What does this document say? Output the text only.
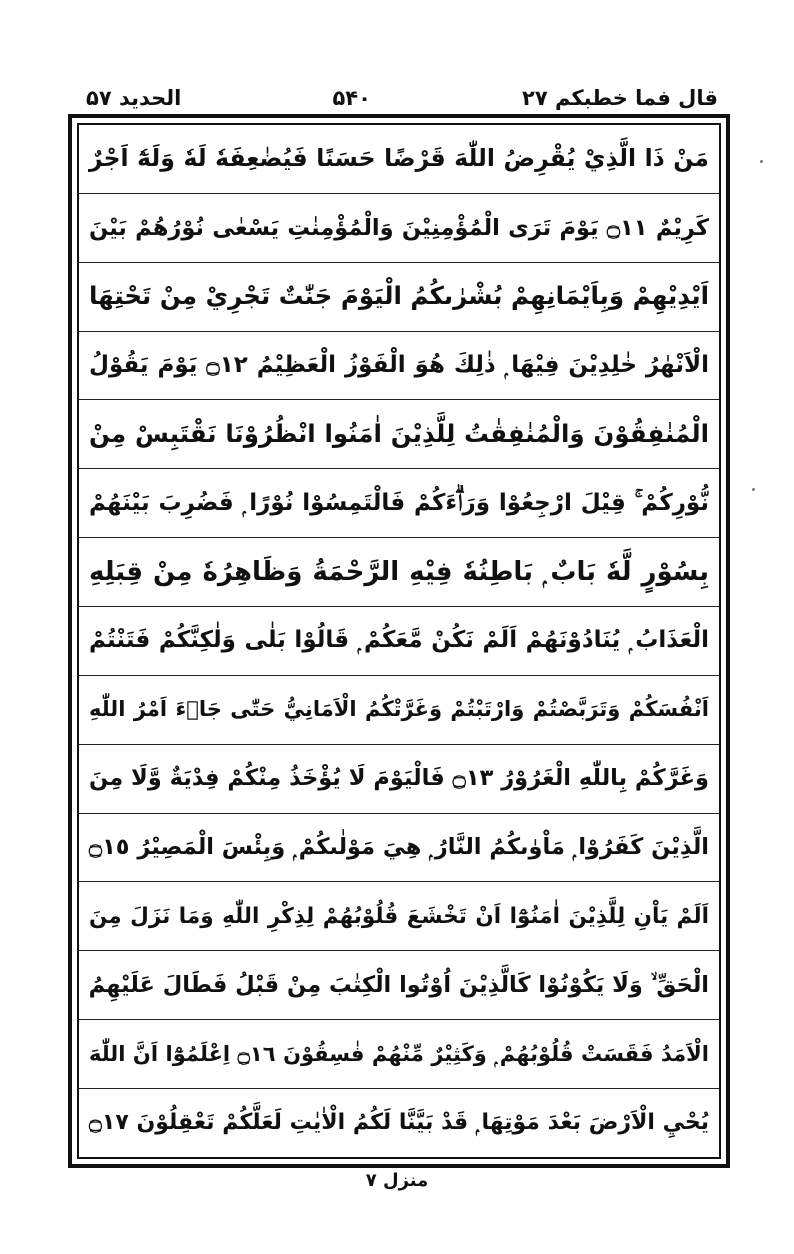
الحديد ۵۷	۵۴۰	قال فما خطبكم ۲۷
مَنْ ذَا الَّذِيْ يُقْرِضُ اللّٰهَ قَرْضًا حَسَنًا فَيُضٰعِفَهٗ لَهٗ وَلَهٗٓ اَجْرٌ
كَرِيْمٌ ۝١١ يَوْمَ تَرَى الْمُؤْمِنِيْنَ وَالْمُؤْمِنٰتِ يَسْعٰى نُوْرُهُمْ بَيْنَ
اَيْدِيْهِمْ وَبِاَيْمَانِهِمْ بُشْرٰىكُمُ الْيَوْمَ جَنّٰتٌ تَجْرِيْ مِنْ تَحْتِهَا
الْاَنْهٰرُ خٰلِدِيْنَ فِيْهَا ۭ ذٰلِكَ هُوَ الْفَوْزُ الْعَظِيْمُ ۝١٢ يَوْمَ يَقُوْلُ
الْمُنٰفِقُوْنَ وَالْمُنٰفِقٰتُ لِلَّذِيْنَ اٰمَنُوا انْظُرُوْنَا نَقْتَبِسْ مِنْ
نُّوْرِكُمْ ۚ قِيْلَ ارْجِعُوْا وَرَاۗءَكُمْ فَالْتَمِسُوْا نُوْرًا ۭ فَضُرِبَ بَيْنَهُمْ
بِسُوْرٍ لَّهٗ بَابٌ ۭ بَاطِنُهٗ فِيْهِ الرَّحْمَةُ وَظَاهِرُهٗ مِنْ قِبَلِهِ
الْعَذَابُ ۭ يُنَادُوْنَهُمْ اَلَمْ نَكُنْ مَّعَكُمْ ۭ قَالُوْا بَلٰى وَلٰكِنَّكُمْ فَتَنْتُمْ
اَنْفُسَكُمْ وَتَرَبَّصْتُمْ وَارْتَبْتُمْ وَغَرَّتْكُمُ الْاَمَانِيُّ حَتّٰى جَاۗءَ اَمْرُ اللّٰهِ
وَغَرَّكُمْ بِاللّٰهِ الْغَرُوْرُ ۝١٣ فَالْيَوْمَ لَا يُؤْخَذُ مِنْكُمْ فِدْيَةٌ وَّلَا مِنَ
الَّذِيْنَ كَفَرُوْا ۭ مَاْوٰىكُمُ النَّارُ ۭ هِيَ مَوْلٰىكُمْ ۭ وَبِئْسَ الْمَصِيْرُ ۝١٥
اَلَمْ يَاْنِ لِلَّذِيْنَ اٰمَنُوْٓا اَنْ تَخْشَعَ قُلُوْبُهُمْ لِذِكْرِ اللّٰهِ وَمَا نَزَلَ مِنَ
الْحَقِّ ۙ وَلَا يَكُوْنُوْا كَالَّذِيْنَ اُوْتُوا الْكِتٰبَ مِنْ قَبْلُ فَطَالَ عَلَيْهِمُ
الْاَمَدُ فَقَسَتْ قُلُوْبُهُمْ ۭ وَكَثِيْرٌ مِّنْهُمْ فٰسِقُوْنَ ۝١٦ اِعْلَمُوْٓا اَنَّ اللّٰهَ
يُحْيِ الْاَرْضَ بَعْدَ مَوْتِهَا ۭ قَدْ بَيَّنَّا لَكُمُ الْاٰيٰتِ لَعَلَّكُمْ تَعْقِلُوْنَ ۝١٧
منزل ۷
